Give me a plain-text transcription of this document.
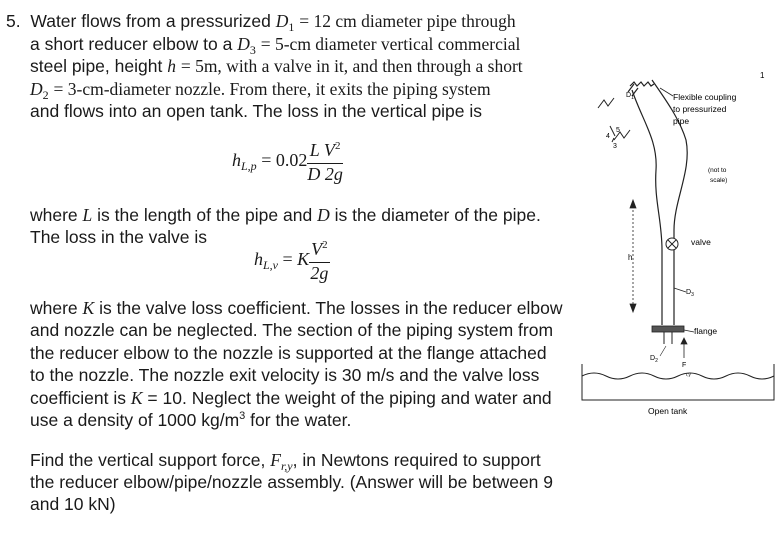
5. Water flows from a pressurized $D_1 = 12$ cm diameter pipe through

a short reducer elbow to a $D_3 = 5-cm$ diameter vertical commercial

steel pipe, height h = 5m, with a valve in it, and then through a short

$D_2$ = 3-cm-diameter nozzle. From there, it exits the piping system

and flows into an open tank. The loss in the vertical pipe is

$h_{L,p} = 0.02 \frac{L V^2}{D 2g}$

where L is the length of the pipe and D is the diameter of the pipe.

The loss in the valve is

$h_{L,v} = K \frac{V^2}{2g}$

where K is the valve loss coefficient. The losses in the reducer elbow

and nozzle can be neglected. The section of the piping system from

the reducer elbow to the nozzle is supported at the flange attached

to the nozzle. The nozzle exit velocity is 30 m/s and the valve loss

coefficient is K = 10. Neglect the weight of the piping and water and

use a density of 1000 $kg/m^3$ for the water.

Find the vertical support force, $F_{r,y}$, in Newtons required to support

the reducer elbow/pipe/nozzle assembly. (Answer will be between 9

and 10 kN)

4
5
3
1
$D_1$	Flexible coupling
to pressurized
pipe
(not to
scale)
h
valve
$D_3$
flange
$D_2$
F
r,y
Open tank
